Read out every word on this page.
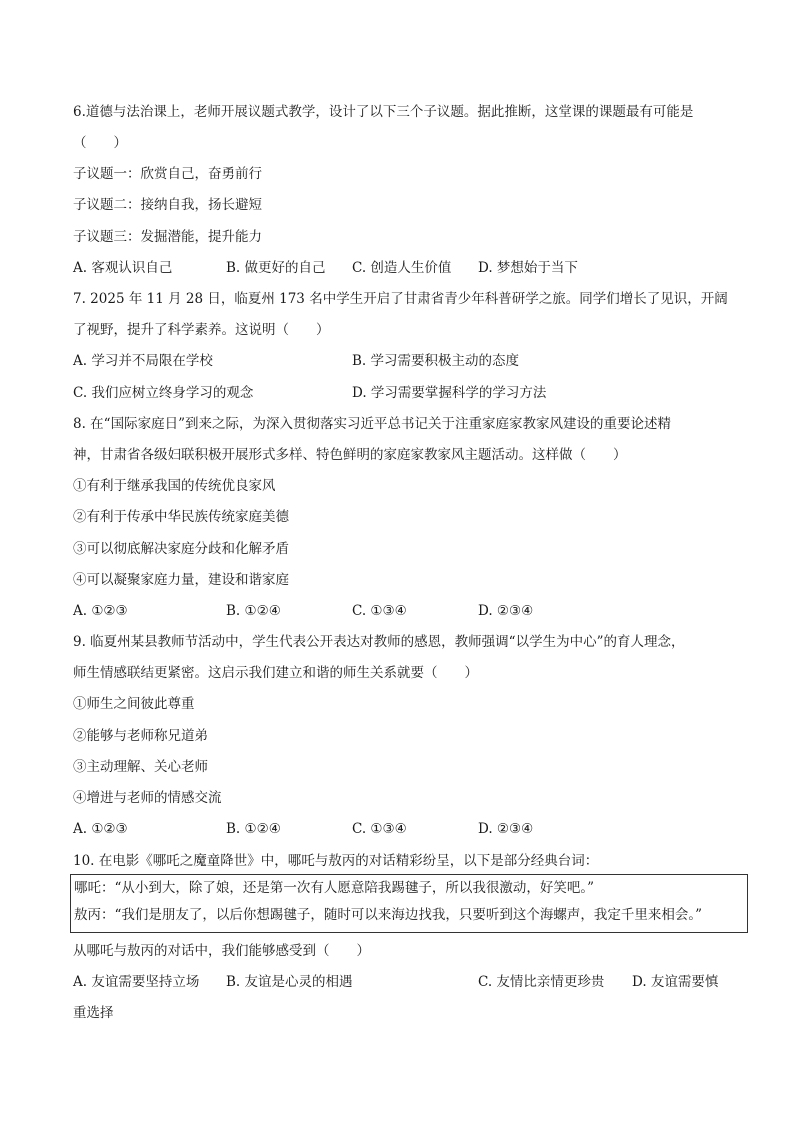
6.道德与法治课上，老师开展议题式教学，设计了以下三个子议题。据此推断，这堂课的课题最有可能是
（　　）
子议题一：欣赏自己，奋勇前行
子议题二：接纳自我，扬长避短
子议题三：发掘潜能，提升能力
A. 客观认识自己	B. 做更好的自己 C. 创造人生价值 D. 梦想始于当下
7. 2025 年 11 月 28 日，临夏州 173 名中学生开启了甘肃省青少年科普研学之旅。同学们增长了见识，开阔
了视野，提升了科学素养。这说明（　　）
A. 学习并不局限在学校	B. 学习需要积极主动的态度
C. 我们应树立终身学习的观念	D. 学习需要掌握科学的学习方法
8. 在“国际家庭日”到来之际，为深入贯彻落实习近平总书记关于注重家庭家教家风建设的重要论述精
神，甘肃省各级妇联积极开展形式多样、特色鲜明的家庭家教家风主题活动。这样做（　　）
①有利于继承我国的传统优良家风
②有利于传承中华民族传统家庭美德
③可以彻底解决家庭分歧和化解矛盾
④可以凝聚家庭力量，建设和谐家庭
A. ①②③	B. ①②④	C. ①③④	D. ②③④
9. 临夏州某县教师节活动中，学生代表公开表达对教师的感恩，教师强调“以学生为中心”的育人理念，
师生情感联结更紧密。这启示我们建立和谐的师生关系就要（　　）
①师生之间彼此尊重
②能够与老师称兄道弟
③主动理解、关心老师
④增进与老师的情感交流
A. ①②③	B. ①②④	C. ①③④	D. ②③④
10. 在电影《哪吒之魔童降世》中，哪吒与敖丙的对话精彩纷呈，以下是部分经典台词：
哪吒：“从小到大，除了娘，还是第一次有人愿意陪我踢毽子，所以我很激动，好笑吧。”
敖丙：“我们是朋友了，以后你想踢毽子，随时可以来海边找我，只要听到这个海螺声，我定千里来相会。”
从哪吒与敖丙的对话中，我们能够感受到（　　）
A. 友谊需要坚持立场 B. 友谊是心灵的相遇	C. 友情比亲情更珍贵 D. 友谊需要慎
重选择
